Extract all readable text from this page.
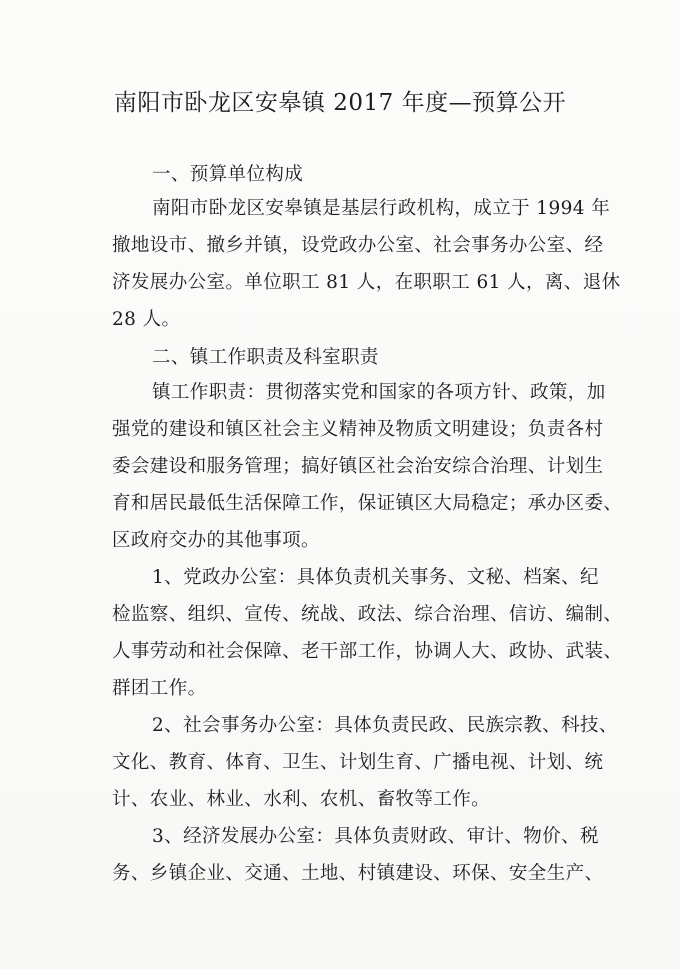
南阳市卧龙区安皋镇 2017 年度—预算公开
一、预算单位构成
南阳市卧龙区安皋镇是基层行政机构，成立于 1994 年
撤地设市、撤乡并镇，设党政办公室、社会事务办公室、经
济发展办公室。单位职工 81 人，在职职工 61 人，离、退休
28 人。
二、镇工作职责及科室职责
镇工作职责：贯彻落实党和国家的各项方针、政策，加
强党的建设和镇区社会主义精神及物质文明建设；负责各村
委会建设和服务管理；搞好镇区社会治安综合治理、计划生
育和居民最低生活保障工作，保证镇区大局稳定；承办区委、
区政府交办的其他事项。
1、党政办公室：具体负责机关事务、文秘、档案、纪
检监察、组织、宣传、统战、政法、综合治理、信访、编制、
人事劳动和社会保障、老干部工作，协调人大、政协、武装、
群团工作。
2、社会事务办公室：具体负责民政、民族宗教、科技、
文化、教育、体育、卫生、计划生育、广播电视、计划、统
计、农业、林业、水利、农机、畜牧等工作。
3、经济发展办公室：具体负责财政、审计、物价、税
务、乡镇企业、交通、土地、村镇建设、环保、安全生产、
